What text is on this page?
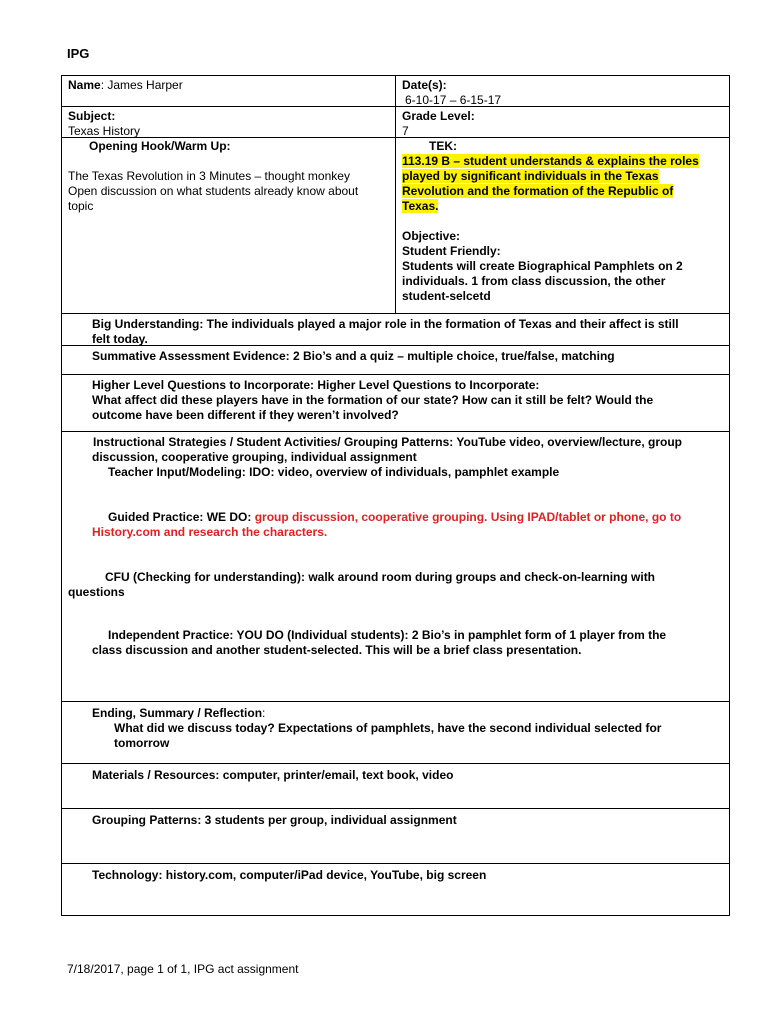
IPG
Name: James Harper	Date(s):

6-10-17 – 6-15-17

Subject:

Texas History

Grade Level:

7

Opening Hook/Warm Up:

The Texas Revolution in 3 Minutes – thought monkey

Open discussion on what students already know about

topic

TEK:

113.19 B – student understands & explains the roles

played by significant individuals in the Texas

Revolution and the formation of the Republic of

Texas.

Objective:

Student Friendly:

Students will create Biographical Pamphlets on 2

individuals. 1 from class discussion, the other

student-selcetd

Big Understanding: The individuals played a major role in the formation of Texas and their affect is still

felt today.

Summative Assessment Evidence: 2 Bio’s and a quiz – multiple choice, true/false, matching

Higher Level Questions to Incorporate: Higher Level Questions to Incorporate:

What affect did these players have in the formation of our state? How can it still be felt? Would the

outcome have been different if they weren’t involved?

Instructional Strategies / Student Activities/ Grouping Patterns: YouTube video, overview/lecture, group

discussion, cooperative grouping, individual assignment

Teacher Input/Modeling: IDO: video, overview of individuals, pamphlet example

Guided Practice: WE DO: group discussion, cooperative grouping. Using IPAD/tablet or phone, go to

History.com and research the characters.

CFU (Checking for understanding): walk around room during groups and check-on-learning with

questions

Independent Practice: YOU DO (Individual students): 2 Bio’s in pamphlet form of 1 player from the

class discussion and another student-selected. This will be a brief class presentation.

Ending, Summary / Reflection:

What did we discuss today? Expectations of pamphlets, have the second individual selected for

tomorrow

Materials / Resources: computer, printer/email, text book, video

Grouping Patterns: 3 students per group, individual assignment

Technology: history.com, computer/iPad device, YouTube, big screen

7/18/2017, page 1 of 1, IPG act assignment
